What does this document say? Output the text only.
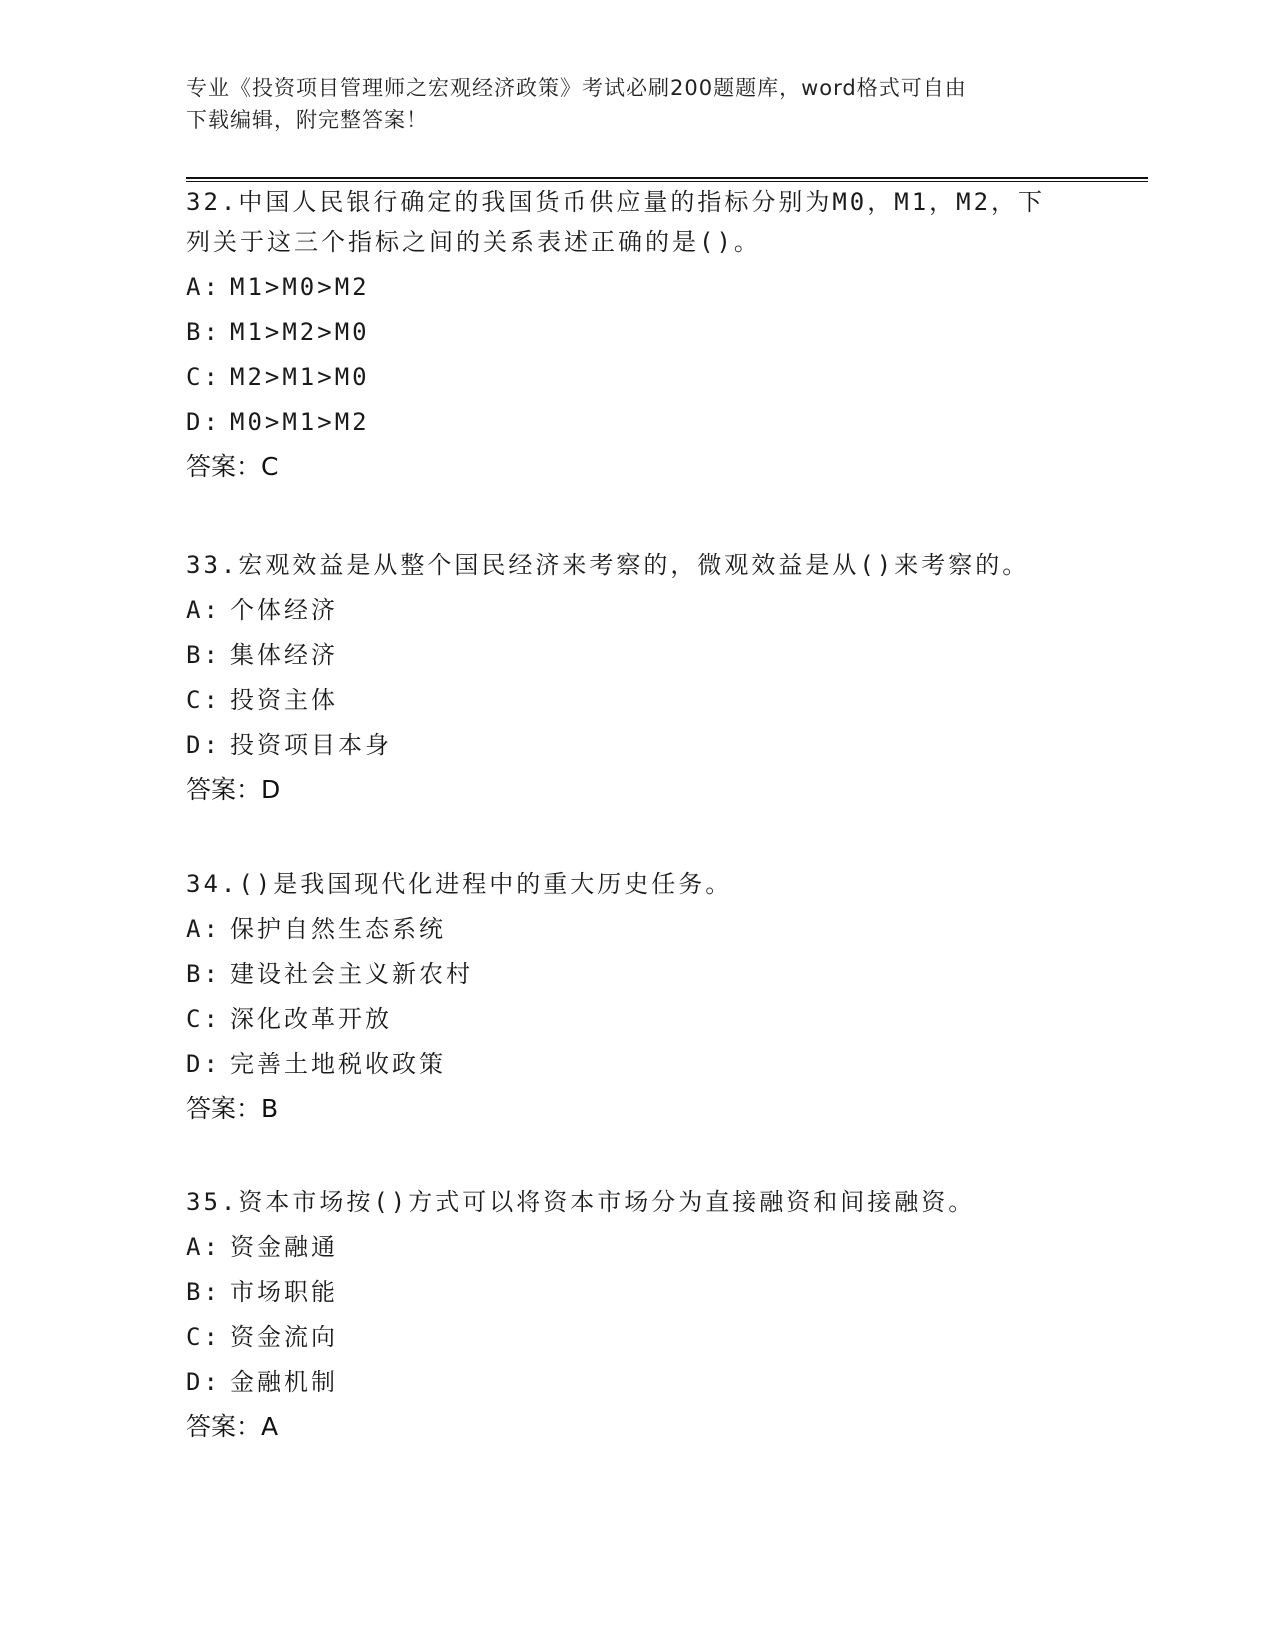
专业《投资项目管理师之宏观经济政策》考试必刷200题题库，word格式可自由
下载编辑，附完整答案！

32.中国人民银行确定的我国货币供应量的指标分别为M0，M1，M2，下列关于这三个指标之间的关系表述正确的是()。

A: M1>M0>M2

B: M1>M2>M0

C: M2>M1>M0

D: M0>M1>M2

答案：C

33.宏观效益是从整个国民经济来考察的，微观效益是从()来考察的。

A: 个体经济

B: 集体经济

C: 投资主体

D: 投资项目本身

答案：D

34.()是我国现代化进程中的重大历史任务。

A: 保护自然生态系统

B: 建设社会主义新农村

C: 深化改革开放

D: 完善土地税收政策

答案：B

35.资本市场按()方式可以将资本市场分为直接融资和间接融资。

A: 资金融通

B: 市场职能

C: 资金流向

D: 金融机制

答案：A
